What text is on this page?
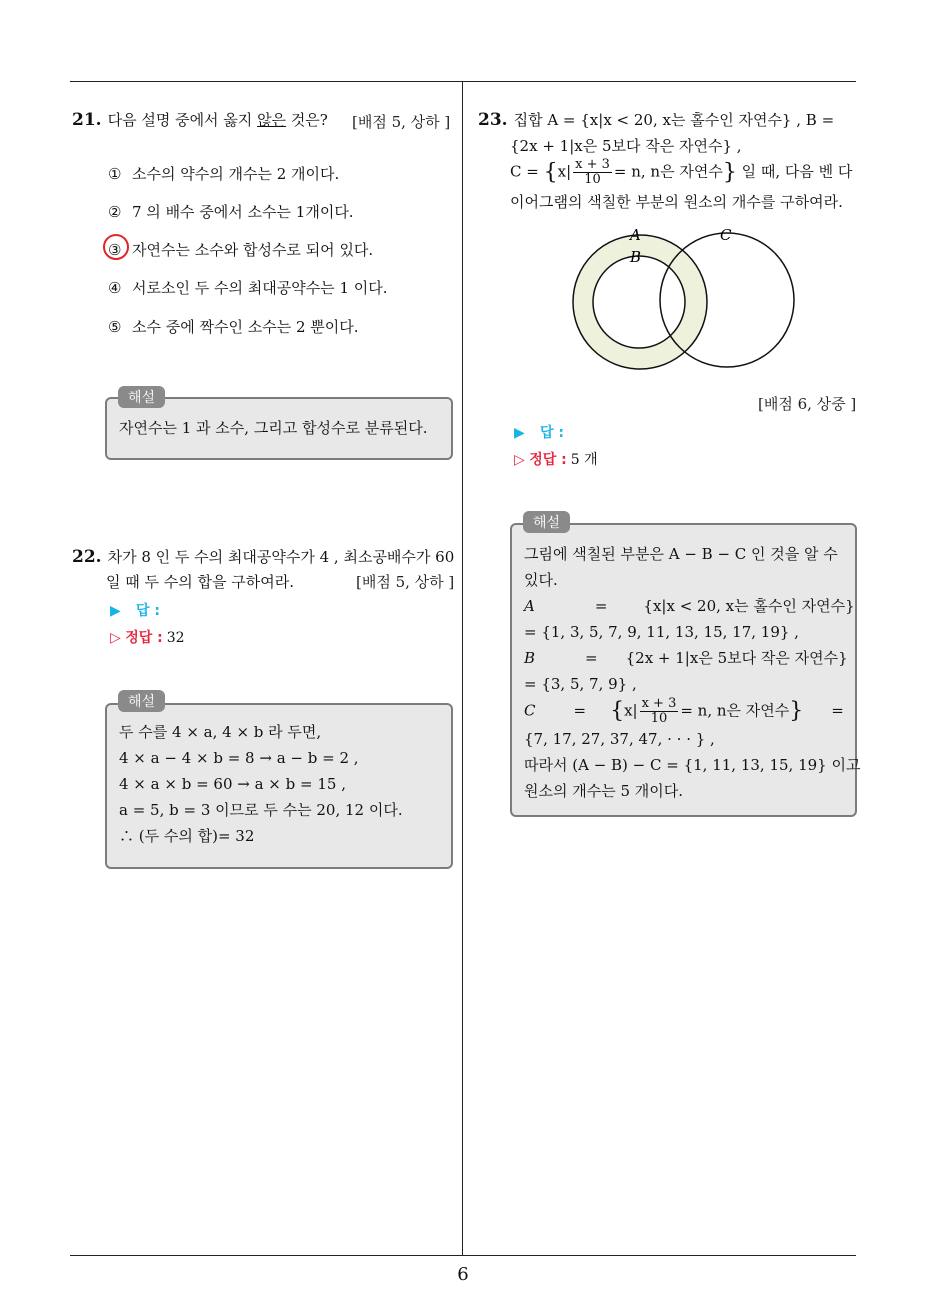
21. 다음 설명 중에서 옳지 않은 것은? [배점 5, 상하 ]
① 소수의 약수의 개수는 2 개이다.
② 7 의 배수 중에서 소수는 1개이다.
③ 자연수는 소수와 합성수로 되어 있다.
④ 서로소인 두 수의 최대공약수는 1 이다.
⑤ 소수 중에 짝수인 소수는 2 뿐이다.
자연수는 1 과 소수, 그리고 합성수로 분류된다.
해설
22. 차가 8 인 두 수의 최대공약수가 4 , 최소공배수가 60
일 때 두 수의 합을 구하여라.	[배점 5, 상하 ]
▶ 답 :
▷ 정답 : 32
두 수를 4 × a, 4 × b 라 두면,
4 × a − 4 × b = 8 → a − b = 2 ,
4 × a × b = 60 → a × b = 15 ,
a = 5, b = 3 이므로 두 수는 20, 12 이다.
∴ (두 수의 합)= 32
해설
23. 집합 A = {x|x < 20, x는 홀수인 자연수} , B =
{2x + 1|x은 5보다 작은 자연수} ,
$C = \{x| \frac{x + 3}{10} = n$, n은 자연수} 일 때, 다음 벤 다
이어그램의 색칠한 부분의 원소의 개수를 구하여라.
A
B
C
[배점 6, 상중 ]
▶ 답 :
▷ 정답 : 5 개
그림에 색칠된 부분은 A − B − C 인 것을 알 수
있다.
A	= {x|x < 20, x는 홀수인 자연수}
= {1, 3, 5, 7, 9, 11, 13, 15, 17, 19} ,
B	= {2x + 1|x은 5보다 작은 자연수}
= {3, 5, 7, 9} ,
C	= {$x| \frac{x + 3}{10} = n$, n은 자연수} =
{7, 17, 27, 37, 47, · · · } ,
따라서 (A − B) − C = {1, 11, 13, 15, 19} 이고
원소의 개수는 5 개이다.
해설
6
